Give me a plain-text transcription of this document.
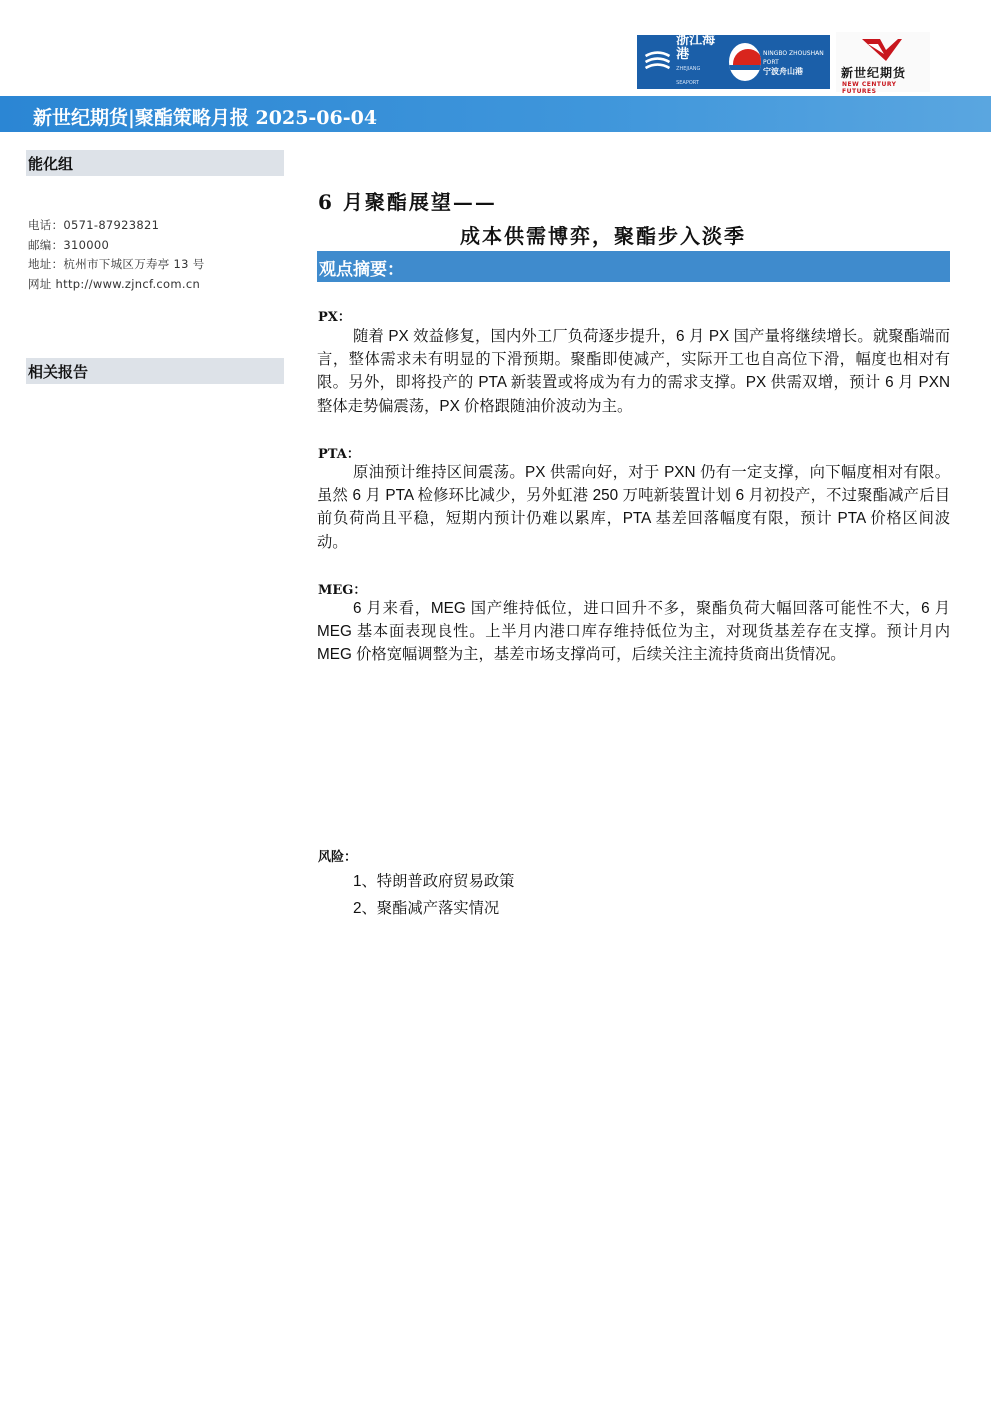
浙江海港
ZHEJIANG SEAPORT
NINGBO ZHOUSHAN PORT
宁波舟山港	新世纪期货
NEW CENTURY FUTURES
新世纪期货|聚酯策略月报 2025-06-04
能化组
电话：0571-87923821
邮编：310000
地址：杭州市下城区万寿亭 13 号
网址 http://www.zjncf.com.cn
相关报告
6 月聚酯展望——
成本供需博弈，聚酯步入淡季
观点摘要：
PX：

随着 PX 效益修复，国内外工厂负荷逐步提升，6 月 PX 国产量将继续增长。就聚酯端而言，整体需求未有明显的下滑预期。聚酯即使减产，实际开工也自高位下滑，幅度也相对有限。另外，即将投产的 PTA 新装置或将成为有力的需求支撑。PX 供需双增，预计 6 月 PXN 整体走势偏震荡，PX 价格跟随油价波动为主。

PTA：

原油预计维持区间震荡。PX 供需向好，对于 PXN 仍有一定支撑，向下幅度相对有限。虽然 6 月 PTA 检修环比减少，另外虹港 250 万吨新装置计划 6 月初投产，不过聚酯减产后目前负荷尚且平稳，短期内预计仍难以累库，PTA 基差回落幅度有限，预计 PTA 价格区间波动。

MEG：

6 月来看，MEG 国产维持低位，进口回升不多，聚酯负荷大幅回落可能性不大，6 月 MEG 基本面表现良性。上半月内港口库存维持低位为主，对现货基差存在支撑。预计月内 MEG 价格宽幅调整为主，基差市场支撑尚可，后续关注主流持货商出货情况。

风险：
1、特朗普政府贸易政策
2、聚酯减产落实情况
